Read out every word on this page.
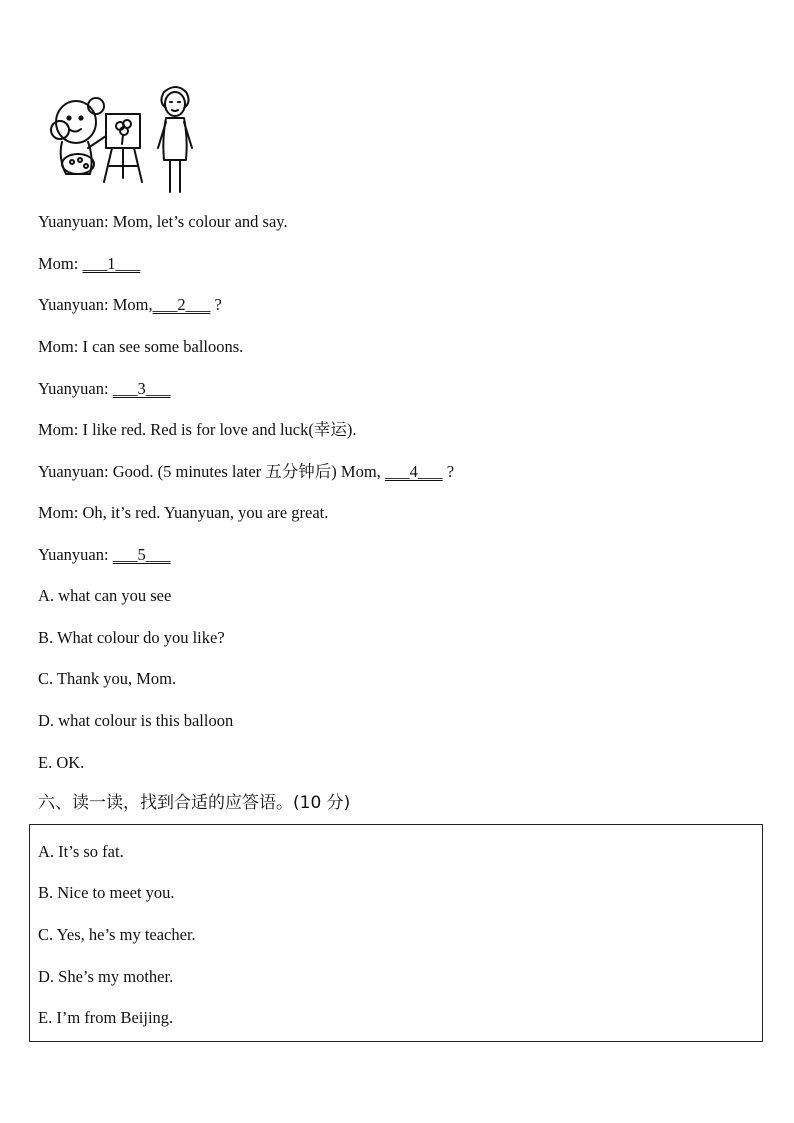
Yuanyuan: Mom, let’s colour and say.
Mom: ___1___
Yuanyuan: Mom,___2___ ?
Mom: I can see some balloons.
Yuanyuan: ___3___
Mom: I like red. Red is for love and luck(幸运).
Yuanyuan: Good. (5 minutes later 五分钟后) Mom, ___4___ ?
Mom: Oh, it’s red. Yuanyuan, you are great.
Yuanyuan: ___5___
A. what can you see
B. What colour do you like?
C. Thank you, Mom.
D. what colour is this balloon
E. OK.
六、读一读，找到合适的应答语。(10 分)
A. It’s so fat.
B. Nice to meet you.
C. Yes, he’s my teacher.
D. She’s my mother.
E. I’m from Beijing.
